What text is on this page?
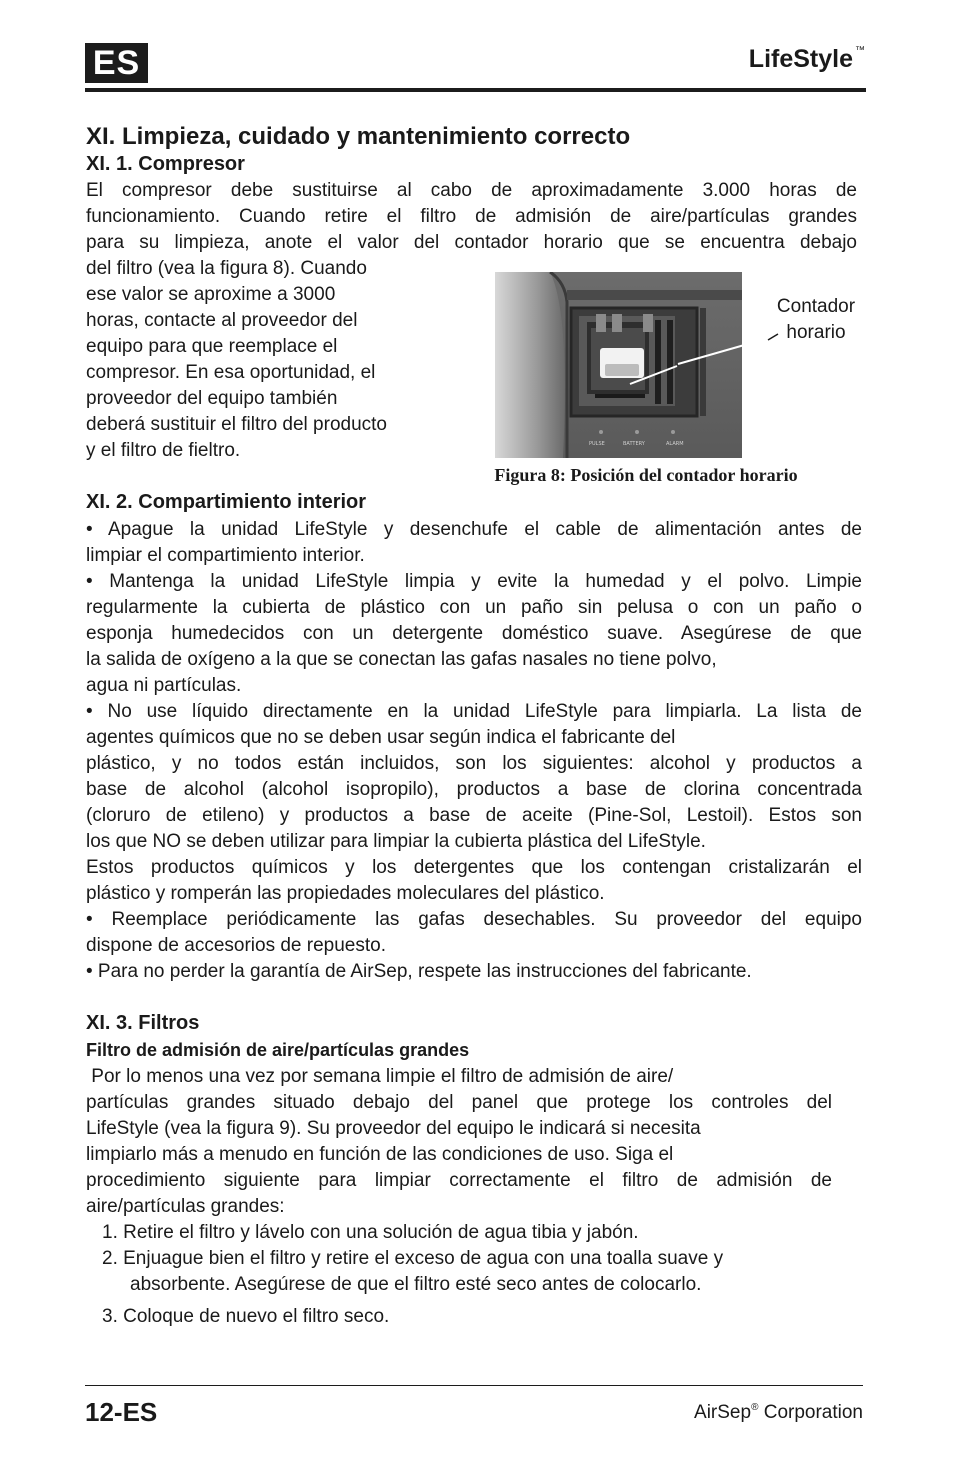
ES	LifeStyle ™
XI. Limpieza, cuidado y mantenimiento correcto
XI. 1. Compresor

El compresor debe sustituirse al cabo de aproximadamente 3.000 horas de

funcionamiento. Cuando retire el filtro de admisión de aire/partículas grandes

para su limpieza, anote el valor del contador horario que se encuentra debajo

del filtro (vea la figura 8). Cuando

ese valor se aproxime a 3000

horas, contacte al proveedor del

equipo para que reemplace el

compresor. En esa oportunidad, el

proveedor del equipo también

deberá sustituir el filtro del producto

y el filtro de fieltro.	PULSE	BATTERY	ALARM
Contador
horario
Figura 8: Posición del contador horario
XI. 2. Compartimiento interior

• Apague la unidad LifeStyle y desenchufe el cable de alimentación antes de

limpiar el compartimiento interior.

• Mantenga la unidad LifeStyle limpia y evite la humedad y el polvo. Limpie

regularmente la cubierta de plástico con un paño sin pelusa o con un paño o

esponja humedecidos con un detergente doméstico suave. Asegúrese de que

la salida de oxígeno a la que se conectan las gafas nasales no tiene polvo,

agua ni partículas.

• No use líquido directamente en la unidad LifeStyle para limpiarla. La lista de

agentes químicos que no se deben usar según indica el fabricante del

plástico, y no todos están incluidos, son los siguientes: alcohol y productos a

base de alcohol (alcohol isopropilo), productos a base de clorina concentrada

(cloruro de etileno) y productos a base de aceite (Pine-Sol, Lestoil). Estos son

los que NO se deben utilizar para limpiar la cubierta plástica del LifeStyle.

Estos productos químicos y los detergentes que los contengan cristalizarán el

plástico y romperán las propiedades moleculares del plástico.

• Reemplace periódicamente las gafas desechables. Su proveedor del equipo

dispone de accesorios de repuesto.

• Para no perder la garantía de AirSep, respete las instrucciones del fabricante.

XI. 3. Filtros
Filtro de admisión de aire/partículas grandes

Por lo menos una vez por semana limpie el filtro de admisión de aire/

partículas grandes situado debajo del panel que protege los controles del

LifeStyle (vea la figura 9). Su proveedor del equipo le indicará si necesita

limpiarlo más a menudo en función de las condiciones de uso. Siga el

procedimiento siguiente para limpiar correctamente el filtro de admisión de

aire/partículas grandes:

1. Retire el filtro y lávelo con una solución de agua tibia y jabón.
2. Enjuague bien el filtro y retire el exceso de agua con una toalla suave y
absorbente. Asegúrese de que el filtro esté seco antes de colocarlo.
3. Coloque de nuevo el filtro seco.
12-ES	AirSep® Corporation
